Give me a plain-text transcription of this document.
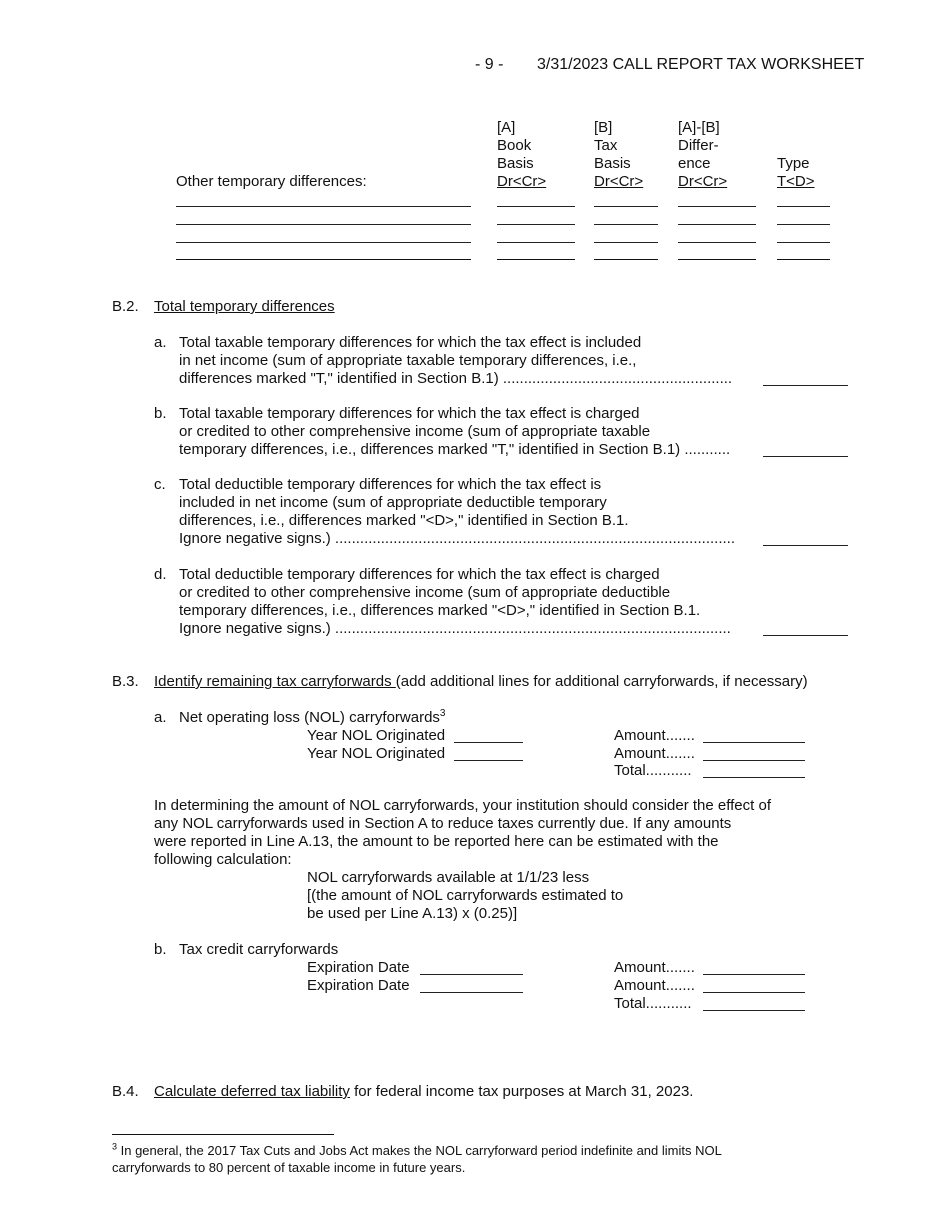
- 9 - 3/31/2023 CALL REPORT TAX WORKSHEET
[A]
Book
Basis
Dr<Cr>
[B]
Tax
Basis
Dr<Cr>
[A]-[B]
Differ-
ence
Dr<Cr>
Type
T<D>
Other temporary differences:
B.2. Total temporary differences
a. Total taxable temporary differences for which the tax effect is included
in net income (sum of appropriate taxable temporary differences, i.e.,
differences marked "T," identified in Section B.1) .......................................................
b. Total taxable temporary differences for which the tax effect is charged
or credited to other comprehensive income (sum of appropriate taxable
temporary differences, i.e., differences marked "T," identified in Section B.1) ...........
c. Total deductible temporary differences for which the tax effect is
included in net income (sum of appropriate deductible temporary
differences, i.e., differences marked "<D>," identified in Section B.1.
Ignore negative signs.) ................................................................................................
d. Total deductible temporary differences for which the tax effect is charged
or credited to other comprehensive income (sum of appropriate deductible
temporary differences, i.e., differences marked "<D>," identified in Section B.1.
Ignore negative signs.) ...............................................................................................
B.3. Identify remaining tax carryforwards (add additional lines for additional carryforwards, if necessary)
a. Net operating loss (NOL) carryforwards$^3$
Year NOL Originated
Year NOL Originated
Amount.......
Amount.......
Total...........
In determining the amount of NOL carryforwards, your institution should consider the effect of
any NOL carryforwards used in Section A to reduce taxes currently due. If any amounts
were reported in Line A.13, the amount to be reported here can be estimated with the
following calculation:
NOL carryforwards available at 1/1/23 less
[(the amount of NOL carryforwards estimated to
be used per Line A.13) x (0.25)]
b. Tax credit carryforwards
Expiration Date
Expiration Date
Amount.......
Amount.......
Total...........
B.4. Calculate deferred tax liability for federal income tax purposes at March 31, 2023.
$^3$ In general, the 2017 Tax Cuts and Jobs Act makes the NOL carryforward period indefinite and limits NOL
carryforwards to 80 percent of taxable income in future years.
